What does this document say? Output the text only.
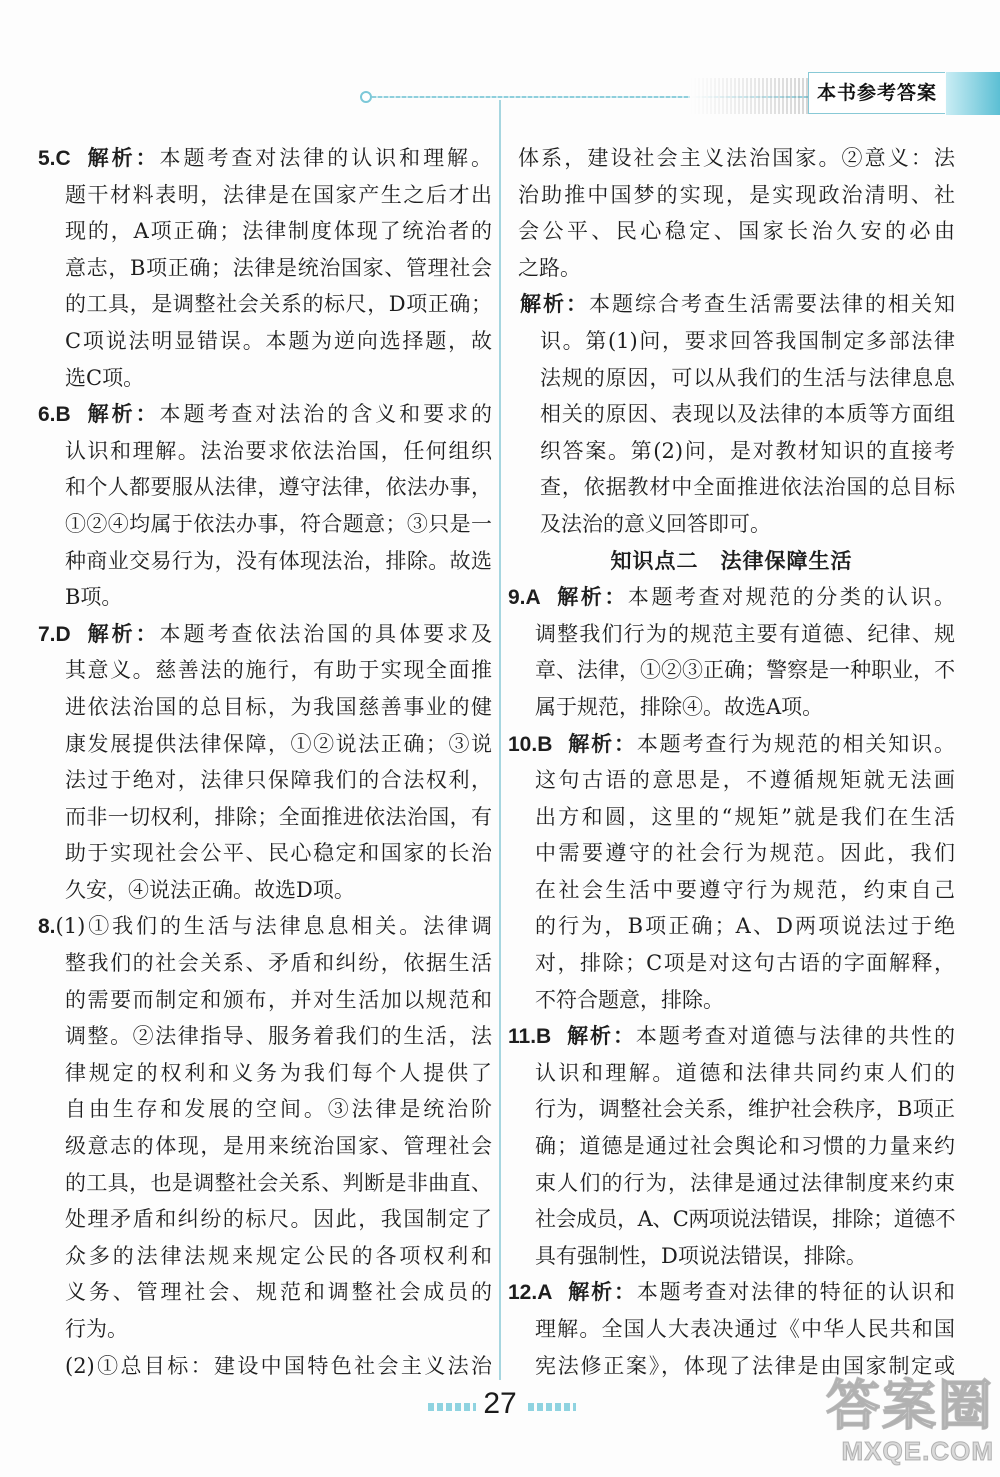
本书参考答案
5.C 解析：本题考查对法律的认识和理解。
题干材料表明，法律是在国家产生之后才出
现的，A项正确；法律制度体现了统治者的
意志，B项正确；法律是统治国家、管理社会
的工具，是调整社会关系的标尺，D项正确；
C项说法明显错误。本题为逆向选择题，故
选C项。
6.B 解析：本题考查对法治的含义和要求的
认识和理解。法治要求依法治国，任何组织
和个人都要服从法律，遵守法律，依法办事，
①②④均属于依法办事，符合题意；③只是一
种商业交易行为，没有体现法治，排除。故选
B项。
7.D 解析：本题考查依法治国的具体要求及
其意义。慈善法的施行，有助于实现全面推
进依法治国的总目标，为我国慈善事业的健
康发展提供法律保障，①②说法正确；③说
法过于绝对，法律只保障我们的合法权利，
而非一切权利，排除；全面推进依法治国，有
助于实现社会公平、民心稳定和国家的长治
久安，④说法正确。故选D项。
8.(1)①我们的生活与法律息息相关。法律调
整我们的社会关系、矛盾和纠纷，依据生活
的需要而制定和颁布，并对生活加以规范和
调整。②法律指导、服务着我们的生活，法
律规定的权利和义务为我们每个人提供了
自由生存和发展的空间。③法律是统治阶
级意志的体现，是用来统治国家、管理社会
的工具，也是调整社会关系、判断是非曲直、
处理矛盾和纠纷的标尺。因此，我国制定了
众多的法律法规来规定公民的各项权利和
义务、管理社会、规范和调整社会成员的
行为。
(2)①总目标：建设中国特色社会主义法治
体系，建设社会主义法治国家。②意义：法
治助推中国梦的实现，是实现政治清明、社
会公平、民心稳定、国家长治久安的必由
之路。
解析：本题综合考查生活需要法律的相关知
识。第(1)问，要求回答我国制定多部法律
法规的原因，可以从我们的生活与法律息息
相关的原因、表现以及法律的本质等方面组
织答案。第(2)问，是对教材知识的直接考
查，依据教材中全面推进依法治国的总目标
及法治的意义回答即可。
知识点二　法律保障生活
9.A 解析：本题考查对规范的分类的认识。
调整我们行为的规范主要有道德、纪律、规
章、法律，①②③正确；警察是一种职业，不
属于规范，排除④。故选A项。
10.B 解析：本题考查行为规范的相关知识。
这句古语的意思是，不遵循规矩就无法画
出方和圆，这里的“规矩”就是我们在生活
中需要遵守的社会行为规范。因此，我们
在社会生活中要遵守行为规范，约束自己
的行为，B项正确；A、D两项说法过于绝
对，排除；C项是对这句古语的字面解释，
不符合题意，排除。
11.B 解析：本题考查对道德与法律的共性的
认识和理解。道德和法律共同约束人们的
行为，调整社会关系，维护社会秩序，B项正
确；道德是通过社会舆论和习惯的力量来约
束人们的行为，法律是通过法律制度来约束
社会成员，A、C两项说法错误，排除；道德不
具有强制性，D项说法错误，排除。
12.A 解析：本题考查对法律的特征的认识和
理解。全国人大表决通过《中华人民共和国
宪法修正案》，体现了法律是由国家制定或
27	答案圈
MXQE.COM
